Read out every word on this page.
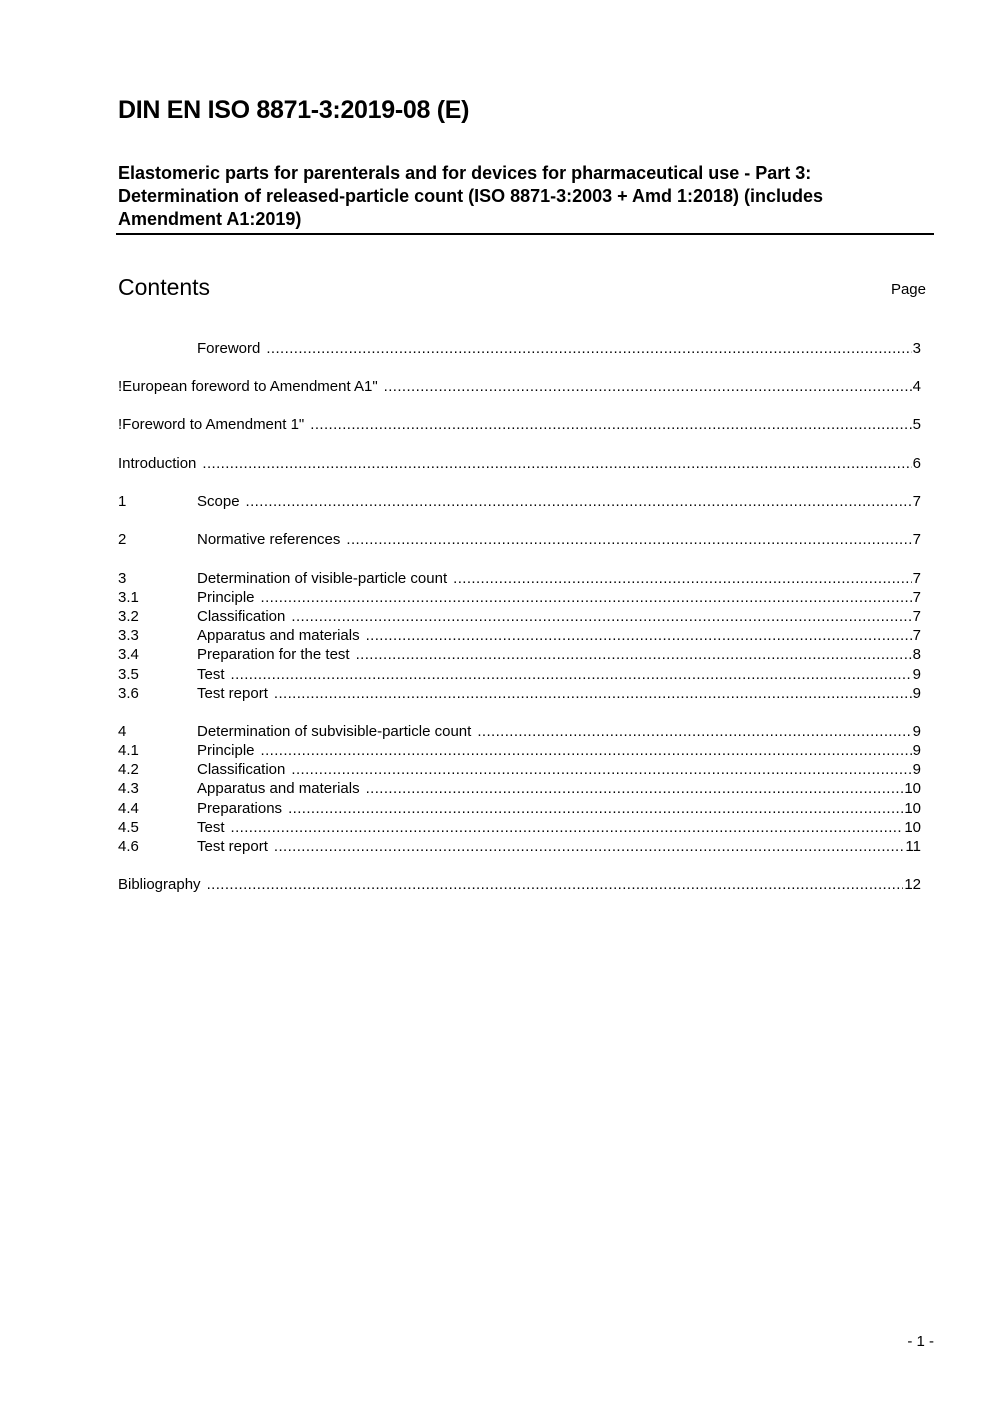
DIN EN ISO 8871-3:2019-08 (E)

Elastomeric parts for parenterals and for devices for pharmaceutical use - Part 3: Determination of released-particle count (ISO 8871-3:2003 + Amd 1:2018) (includes Amendment A1:2019)

Contents	Page
Foreword .....	3
!European foreword to Amendment A1" .....	4
!Foreword to Amendment 1" .....	5
Introduction .....	6
1	Scope .....	7
2	Normative references .....	7
3	Determination of visible-particle count .....	7
3.1	Principle .....	7
3.2	Classification .....	7
3.3	Apparatus and materials .....	7
3.4	Preparation for the test .....	8
3.5	Test .....	9
3.6	Test report .....	9
4	Determination of subvisible-particle count .....	9
4.1	Principle .....	9
4.2	Classification .....	9
4.3	Apparatus and materials .....	10
4.4	Preparations .....	10
4.5	Test .....	10
4.6	Test report .....	11
Bibliography .....	12
- 1 -
